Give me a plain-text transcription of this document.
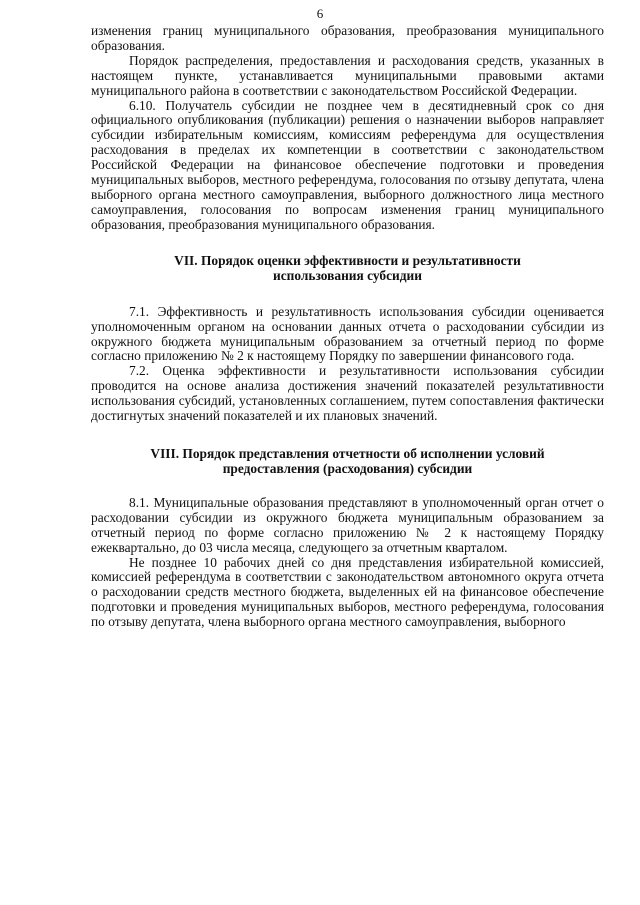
6

изменения границ муниципального образования, преобразования муниципального образования.

Порядок распределения, предоставления и расходования средств, указанных в настоящем пункте, устанавливается муниципальными правовыми актами муниципального района в соответствии с законодательством Российской Федерации.

6.10. Получатель субсидии не позднее чем в десятидневный срок со дня официального опубликования (публикации) решения о назначении выборов направляет субсидии избирательным комиссиям, комиссиям референдума для осуществления расходования в пределах их компетенции в соответствии с законодательством Российской Федерации на финансовое обеспечение подготовки и проведения муниципальных выборов, местного референдума, голосования по отзыву депутата, члена выборного органа местного самоуправления, выборного должностного лица местного самоуправления, голосования по вопросам изменения границ муниципального образования, преобразования муниципального образования.

VII. Порядок оценки эффективности и результативности
использования субсидии

7.1. Эффективность и результативность использования субсидии оценивается уполномоченным органом на основании данных отчета о расходовании субсидии из окружного бюджета муниципальным образованием за отчетный период по форме согласно приложению № 2 к настоящему Порядку по завершении финансового года.

7.2. Оценка эффективности и результативности использования субсидии проводится на основе анализа достижения значений показателей результативности использования субсидий, установленных соглашением, путем сопоставления фактически достигнутых значений показателей и их плановых значений.

VIII. Порядок представления отчетности об исполнении условий
предоставления (расходования) субсидии

8.1. Муниципальные образования представляют в уполномоченный орган отчет о расходовании субсидии из окружного бюджета муниципальным образованием за отчетный период по форме согласно приложению № 2 к настоящему Порядку ежеквартально, до 03 числа месяца, следующего за отчетным кварталом.

Не позднее 10 рабочих дней со дня представления избирательной комиссией, комиссией референдума в соответствии с законодательством автономного округа отчета о расходовании средств местного бюджета, выделенных ей на финансовое обеспечение подготовки и проведения муниципальных выборов, местного референдума, голосования по отзыву депутата, члена выборного органа местного самоуправления, выборного
